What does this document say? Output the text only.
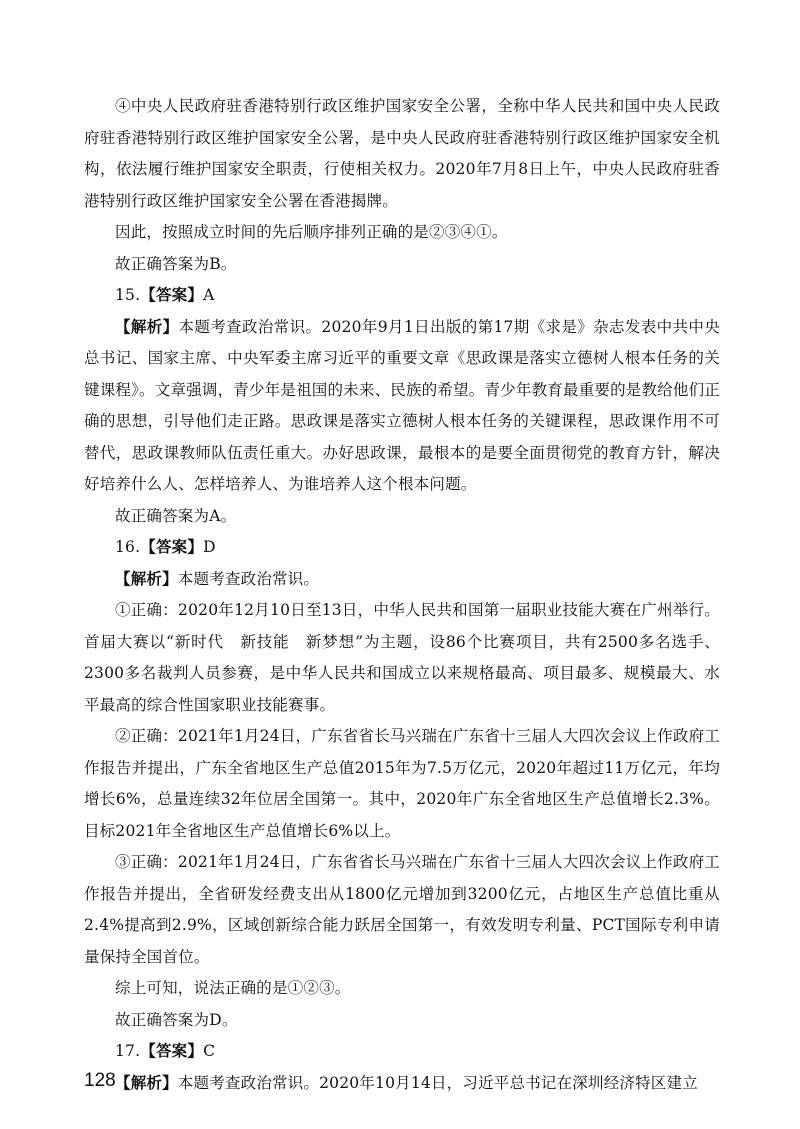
④中央人民政府驻香港特别行政区维护国家安全公署，全称中华人民共和国中央人民政府驻香港特别行政区维护国家安全公署，是中央人民政府驻香港特别行政区维护国家安全机构，依法履行维护国家安全职责，行使相关权力。2020年7月8日上午，中央人民政府驻香港特别行政区维护国家安全公署在香港揭牌。

因此，按照成立时间的先后顺序排列正确的是②③④①。

故正确答案为B。

15.【答案】A

【解析】本题考查政治常识。2020年9月1日出版的第17期《求是》杂志发表中共中央总书记、国家主席、中央军委主席习近平的重要文章《思政课是落实立德树人根本任务的关键课程》。文章强调，青少年是祖国的未来、民族的希望。青少年教育最重要的是教给他们正确的思想，引导他们走正路。思政课是落实立德树人根本任务的关键课程，思政课作用不可替代，思政课教师队伍责任重大。办好思政课，最根本的是要全面贯彻党的教育方针，解决好培养什么人、怎样培养人、为谁培养人这个根本问题。

故正确答案为A。

16.【答案】D

【解析】本题考查政治常识。

①正确：2020年12月10日至13日，中华人民共和国第一届职业技能大赛在广州举行。首届大赛以“新时代　新技能　新梦想”为主题，设86个比赛项目，共有2500多名选手、2300多名裁判人员参赛，是中华人民共和国成立以来规格最高、项目最多、规模最大、水平最高的综合性国家职业技能赛事。

②正确：2021年1月24日，广东省省长马兴瑞在广东省十三届人大四次会议上作政府工作报告并提出，广东全省地区生产总值2015年为7.5万亿元，2020年超过11万亿元，年均增长6%，总量连续32年位居全国第一。其中，2020年广东全省地区生产总值增长2.3%。目标2021年全省地区生产总值增长6%以上。

③正确：2021年1月24日，广东省省长马兴瑞在广东省十三届人大四次会议上作政府工作报告并提出，全省研发经费支出从1800亿元增加到3200亿元，占地区生产总值比重从2.4%提高到2.9%，区域创新综合能力跃居全国第一，有效发明专利量、PCT国际专利申请量保持全国首位。

综上可知，说法正确的是①②③。

故正确答案为D。

17.【答案】C

【解析】本题考查政治常识。2020年10月14日，习近平总书记在深圳经济特区建立

128
